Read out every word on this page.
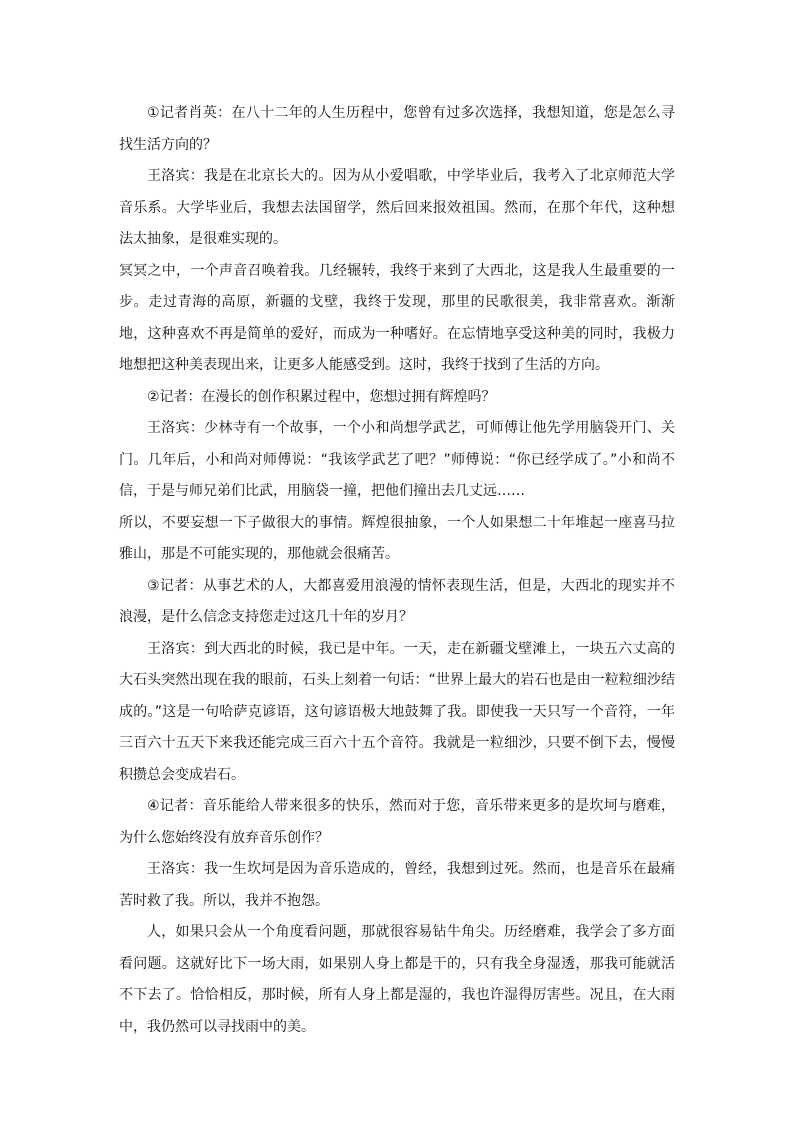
①记者肖英：在八十二年的人生历程中，您曾有过多次选择，我想知道，您是怎么寻找生活方向的？

王洛宾：我是在北京长大的。因为从小爱唱歌，中学毕业后，我考入了北京师范大学音乐系。大学毕业后，我想去法国留学，然后回来报效祖国。然而，在那个年代，这种想法太抽象，是很难实现的。

冥冥之中，一个声音召唤着我。几经辗转，我终于来到了大西北，这是我人生最重要的一步。走过青海的高原，新疆的戈壁，我终于发现，那里的民歌很美，我非常喜欢。渐渐地，这种喜欢不再是简单的爱好，而成为一种嗜好。在忘情地享受这种美的同时，我极力地想把这种美表现出来，让更多人能感受到。这时，我终于找到了生活的方向。

②记者：在漫长的创作积累过程中，您想过拥有辉煌吗？

王洛宾：少林寺有一个故事，一个小和尚想学武艺，可师傅让他先学用脑袋开门、关门。几年后，小和尚对师傅说：“我该学武艺了吧？”师傅说：“你已经学成了。”小和尚不信，于是与师兄弟们比武，用脑袋一撞，把他们撞出去几丈远……

所以，不要妄想一下子做很大的事情。辉煌很抽象，一个人如果想二十年堆起一座喜马拉雅山，那是不可能实现的，那他就会很痛苦。

③记者：从事艺术的人，大都喜爱用浪漫的情怀表现生活，但是，大西北的现实并不浪漫，是什么信念支持您走过这几十年的岁月？

王洛宾：到大西北的时候，我已是中年。一天，走在新疆戈壁滩上，一块五六丈高的大石头突然出现在我的眼前，石头上刻着一句话：“世界上最大的岩石也是由一粒粒细沙结成的。”这是一句哈萨克谚语，这句谚语极大地鼓舞了我。即使我一天只写一个音符，一年三百六十五天下来我还能完成三百六十五个音符。我就是一粒细沙，只要不倒下去，慢慢积攒总会变成岩石。

④记者：音乐能给人带来很多的快乐，然而对于您，音乐带来更多的是坎坷与磨难，为什么您始终没有放弃音乐创作？

王洛宾：我一生坎坷是因为音乐造成的，曾经，我想到过死。然而，也是音乐在最痛苦时救了我。所以，我并不抱怨。

人，如果只会从一个角度看问题，那就很容易钻牛角尖。历经磨难，我学会了多方面看问题。这就好比下一场大雨，如果别人身上都是干的，只有我全身湿透，那我可能就活不下去了。恰恰相反，那时候，所有人身上都是湿的，我也许湿得厉害些。况且，在大雨中，我仍然可以寻找雨中的美。
